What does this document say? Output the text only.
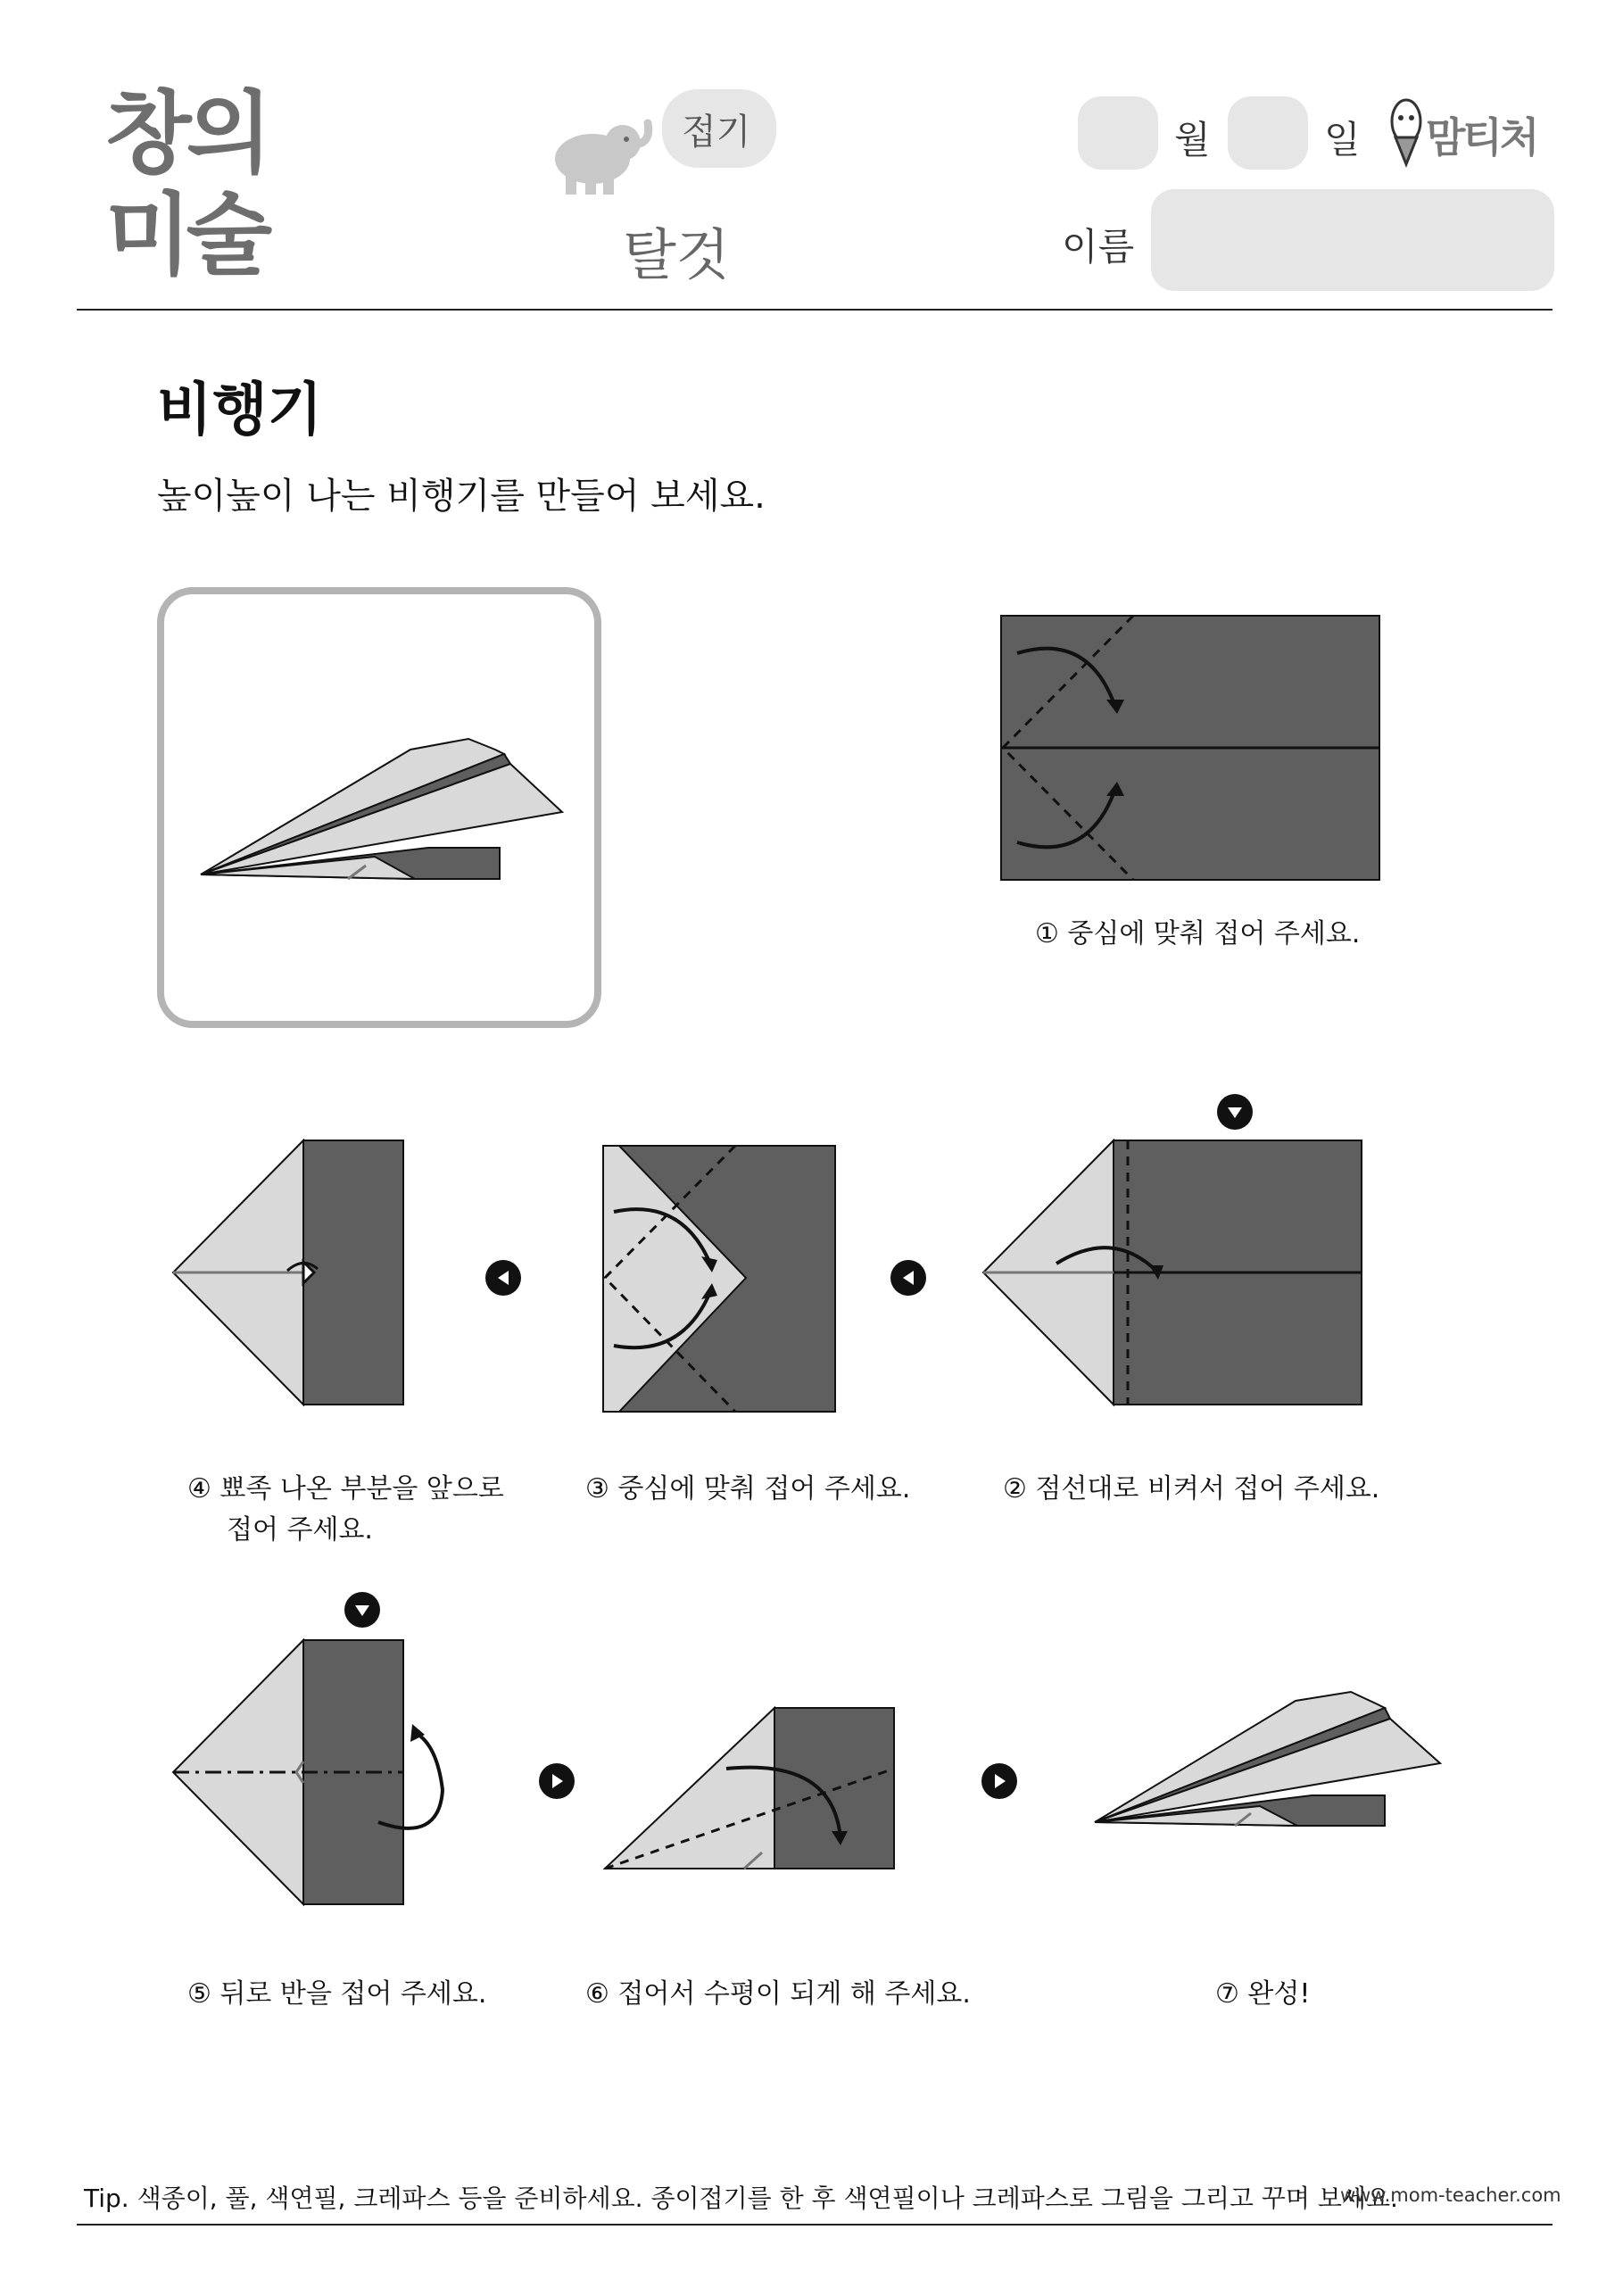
창의
미술
접기
탈것
월	일 맘티처
이름
비행기
높이높이 나는 비행기를 만들어 보세요.
① 중심에 맞춰 접어 주세요.
② 점선대로 비켜서 접어 주세요.
③ 중심에 맞춰 접어 주세요.
④ 뾰족 나온 부분을 앞으로
접어 주세요.
⑤ 뒤로 반을 접어 주세요.	⑥ 접어서 수평이 되게 해 주세요.	⑦ 완성!
Tip. 색종이, 풀, 색연필, 크레파스 등을 준비하세요. 종이접기를 한 후 색연필이나 크레파스로 그림을 그리고 꾸며 보세요.
www.mom-teacher.com
